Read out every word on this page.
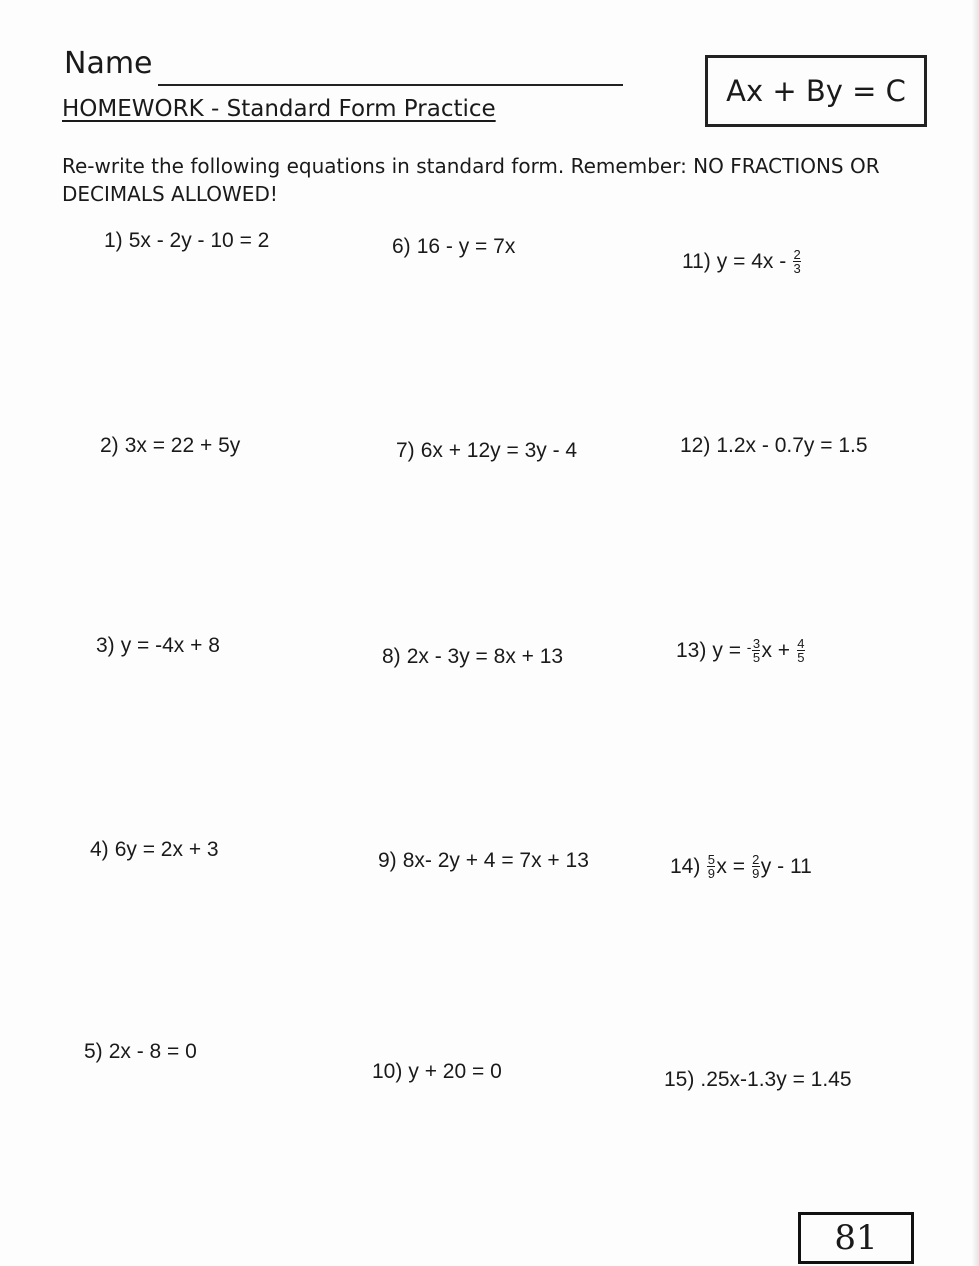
Name
HOMEWORK - Standard Form Practice
Ax + By = C
Re-write the following equations in standard form. Remember: NO FRACTIONS OR DECIMALS ALLOWED!
1) 5x - 2y - 10 = 2
2) 3x = 22 + 5y
3) y = -4x + 8
4) 6y = 2x + 3
5) 2x - 8 = 0
6) 16 - y = 7x
7) 6x + 12y = 3y - 4
8) 2x - 3y = 8x + 13
9) 8x- 2y + 4 = 7x + 13
10) y + 20 = 0
11) $y = 4x - \frac{2}{3}$
12) 1.2x - 0.7y = 1.5
13) y = - $\frac{3}{5}$ $x + \frac{4}{5}$
$14) \frac{5}{9}$ $x = \frac{2}{9}$ y - 11
15) .25x-1.3y = 1.45
81
